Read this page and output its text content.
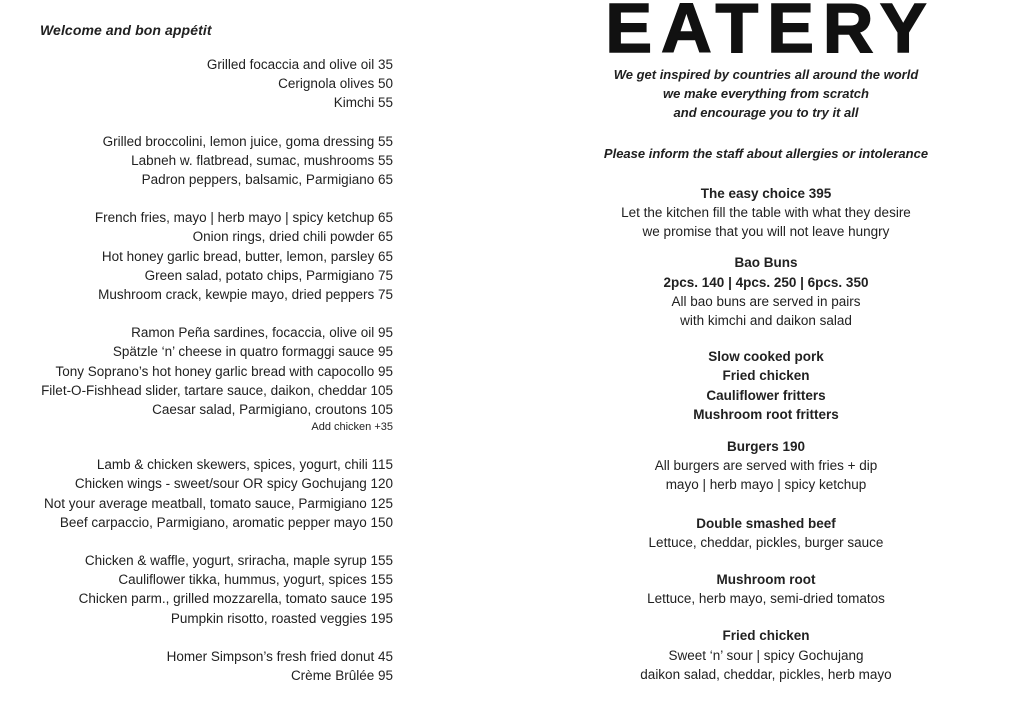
Welcome and bon appétit
Grilled focaccia and olive oil 35
Cerignola olives 50
Kimchi 55
Grilled broccolini, lemon juice, goma dressing 55
Labneh w. flatbread, sumac, mushrooms 55
Padron peppers, balsamic, Parmigiano 65
French fries, mayo | herb mayo | spicy ketchup 65
Onion rings, dried chili powder 65
Hot honey garlic bread, butter, lemon, parsley 65
Green salad, potato chips, Parmigiano 75
Mushroom crack, kewpie mayo, dried peppers 75
Ramon Peña sardines, focaccia, olive oil 95
Spätzle ‘n’ cheese in quatro formaggi sauce 95
Tony Soprano’s hot honey garlic bread with capocollo 95
Filet-O-Fishhead slider, tartare sauce, daikon, cheddar 105
Caesar salad, Parmigiano, croutons 105
Add chicken +35
Lamb & chicken skewers, spices, yogurt, chili 115
Chicken wings - sweet/sour OR spicy Gochujang 120
Not your average meatball, tomato sauce, Parmigiano 125
Beef carpaccio, Parmigiano, aromatic pepper mayo 150
Chicken & waffle, yogurt, sriracha, maple syrup 155
Cauliflower tikka, hummus, yogurt, spices 155
Chicken parm., grilled mozzarella, tomato sauce 195
Pumpkin risotto, roasted veggies 195
Homer Simpson’s fresh fried donut 45
Crème Brûlée 95
EATERY
We get inspired by countries all around the world
we make everything from scratch
and encourage you to try it all
Please inform the staff about allergies or intolerance
The easy choice 395
Let the kitchen fill the table with what they desire
we promise that you will not leave hungry
Bao Buns
2pcs. 140 | 4pcs. 250 | 6pcs. 350
All bao buns are served in pairs
with kimchi and daikon salad
Slow cooked pork
Fried chicken
Cauliflower fritters
Mushroom root fritters
Burgers 190
All burgers are served with fries + dip
mayo | herb mayo | spicy ketchup
Double smashed beef
Lettuce, cheddar, pickles, burger sauce
Mushroom root
Lettuce, herb mayo, semi-dried tomatos
Fried chicken
Sweet ‘n’ sour | spicy Gochujang
daikon salad, cheddar, pickles, herb mayo
